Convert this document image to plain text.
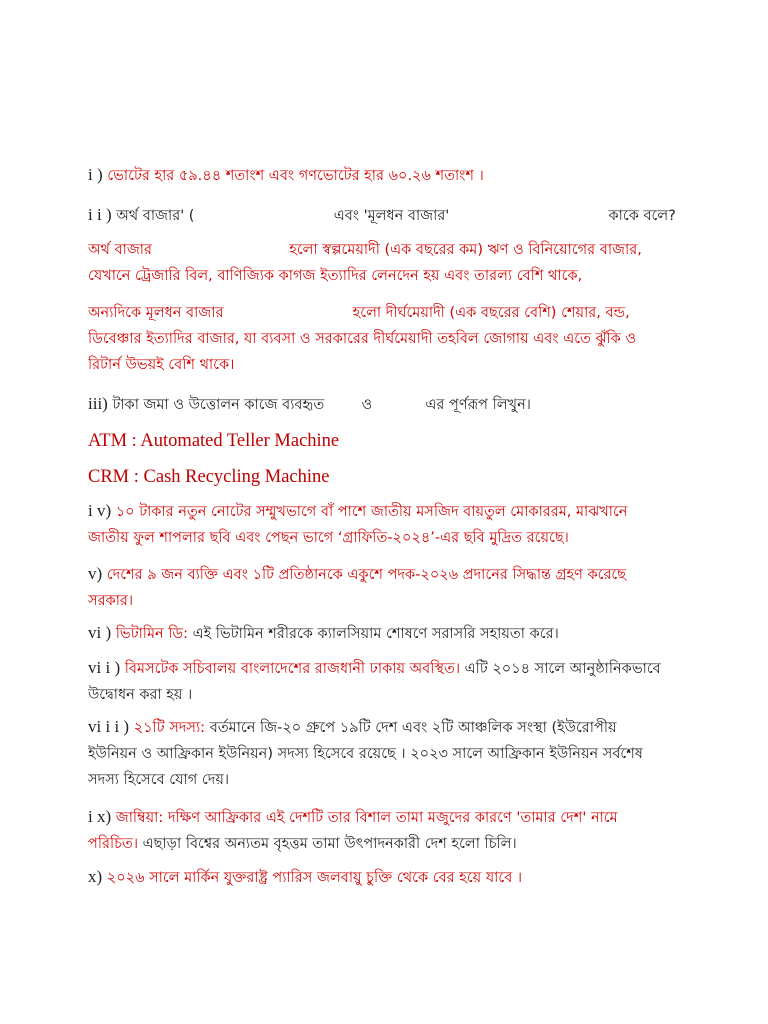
i ) ভোটের হার ৫৯.৪৪ শতাংশ এবং গণভোটের হার ৬০.২৬ শতাংশ ।
i i ) অর্থ বাজার' (	এবং 'মূলধন বাজার'	কাকে বলে?
অর্থ বাজার	হলো স্বল্পমেয়াদী (এক বছরের কম) ঋণ ও বিনিয়োগের বাজার,
যেখানে ট্রেজারি বিল, বাণিজ্যিক কাগজ ইত্যাদির লেনদেন হয় এবং তারল্য বেশি থাকে,
অন্যদিকে মূলধন বাজার	হলো দীর্ঘমেয়াদী (এক বছরের বেশি) শেয়ার, বন্ড,
ডিবেঞ্চার ইত্যাদির বাজার, যা ব্যবসা ও সরকারের দীর্ঘমেয়াদী তহবিল জোগায় এবং এতে ঝুঁকি ও
রিটার্ন উভয়ই বেশি থাকে।
iii) টাকা জমা ও উত্তোলন কাজে ব্যবহৃত	ও	এর পূর্ণরূপ লিখুন।
ATM : Automated Teller Machine
CRM : Cash Recycling Machine
i v) ১০ টাকার নতুন নোটের সম্মুখভাগে বাঁ পাশে জাতীয় মসজিদ বায়তুল মোকাররম, মাঝখানে
জাতীয় ফুল শাপলার ছবি এবং পেছন ভাগে ‘গ্রাফিতি-২০২৪’-এর ছবি মুদ্রিত রয়েছে।
v) দেশের ৯ জন ব্যক্তি এবং ১টি প্রতিষ্ঠানকে একুশে পদক-২০২৬ প্রদানের সিদ্ধান্ত গ্রহণ করেছে
সরকার।
vi ) ভিটামিন ডি: এই ভিটামিন শরীরকে ক্যালসিয়াম শোষণে সরাসরি সহায়তা করে।
vi i ) বিমসটেক সচিবালয় বাংলাদেশের রাজধানী ঢাকায় অবস্থিত। এটি ২০১৪ সালে আনুষ্ঠানিকভাবে
উদ্বোধন করা হয় ।
vi i i ) ২১টি সদস্য: বর্তমানে জি-২০ গ্রুপে ১৯টি দেশ এবং ২টি আঞ্চলিক সংস্থা (ইউরোপীয়
ইউনিয়ন ও আফ্রিকান ইউনিয়ন) সদস্য হিসেবে রয়েছে । ২০২৩ সালে আফ্রিকান ইউনিয়ন সর্বশেষ
সদস্য হিসেবে যোগ দেয়।
i x) জাম্বিয়া: দক্ষিণ আফ্রিকার এই দেশটি তার বিশাল তামা মজুদের কারণে 'তামার দেশ' নামে
পরিচিত। এছাড়া বিশ্বের অন্যতম বৃহত্তম তামা উৎপাদনকারী দেশ হলো চিলি।
x) ২০২৬ সালে মার্কিন যুক্তরাষ্ট্র প্যারিস জলবায়ু চুক্তি থেকে বের হয়ে যাবে ।
